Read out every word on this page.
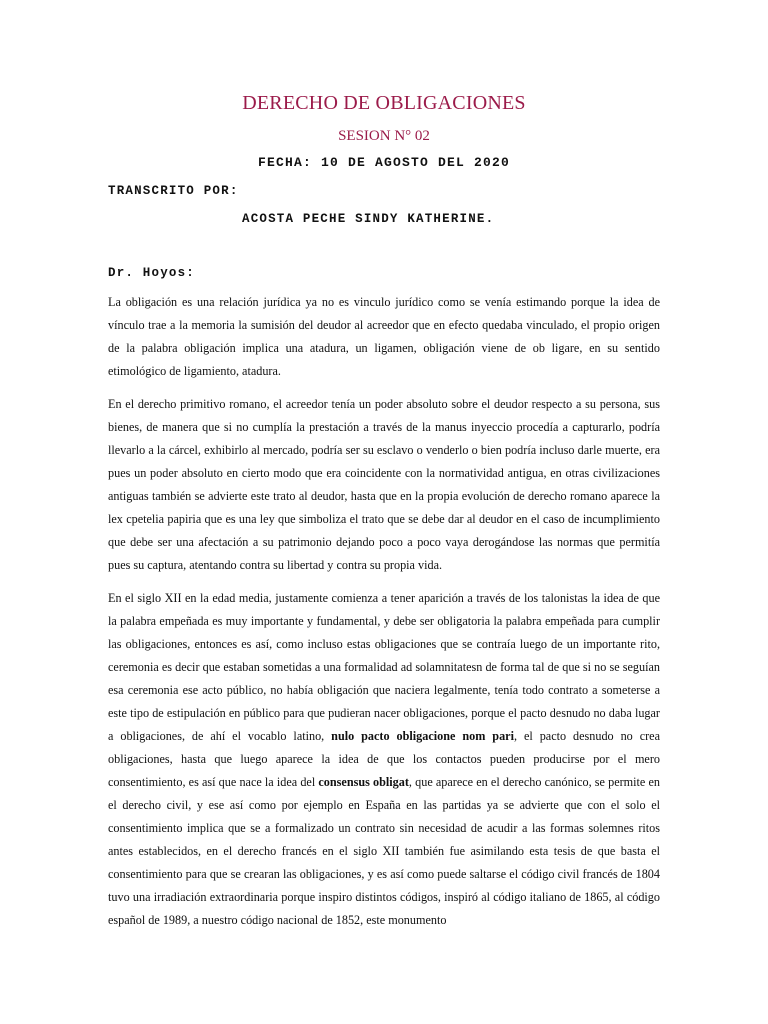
DERECHO DE OBLIGACIONES
SESION N° 02
FECHA: 10 DE AGOSTO DEL 2020
TRANSCRITO POR:
ACOSTA PECHE SINDY KATHERINE.
Dr. Hoyos:

La obligación es una relación jurídica ya no es vinculo jurídico como se venía estimando porque la idea de vínculo trae a la memoria la sumisión del deudor al acreedor que en efecto quedaba vinculado, el propio origen de la palabra obligación implica una atadura, un ligamen, obligación viene de ob ligare, en su sentido etimológico de ligamiento, atadura.

En el derecho primitivo romano, el acreedor tenía un poder absoluto sobre el deudor respecto a su persona, sus bienes, de manera que si no cumplía la prestación a través de la manus inyeccio procedía a capturarlo, podría llevarlo a la cárcel, exhibirlo al mercado, podría ser su esclavo o venderlo o bien podría incluso darle muerte, era pues un poder absoluto en cierto modo que era coincidente con la normatividad antigua, en otras civilizaciones antiguas también se advierte este trato al deudor, hasta que en la propia evolución de derecho romano aparece la lex cpetelia papiria que es una ley que simboliza el trato que se debe dar al deudor en el caso de incumplimiento que debe ser una afectación a su patrimonio dejando poco a poco vaya derogándose las normas que permitía pues su captura, atentando contra su libertad y contra su propia vida.

En el siglo XII en la edad media, justamente comienza a tener aparición a través de los talonistas la idea de que la palabra empeñada es muy importante y fundamental, y debe ser obligatoria la palabra empeñada para cumplir las obligaciones, entonces es así, como incluso estas obligaciones que se contraía luego de un importante rito, ceremonia es decir que estaban sometidas a una formalidad ad solamnitatesn de forma tal de que si no se seguían esa ceremonia ese acto público, no había obligación que naciera legalmente, tenía todo contrato a someterse a este tipo de estipulación en público para que pudieran nacer obligaciones, porque el pacto desnudo no daba lugar a obligaciones, de ahí el vocablo latino, nulo pacto obligacione nom pari, el pacto desnudo no crea obligaciones, hasta que luego aparece la idea de que los contactos pueden producirse por el mero consentimiento, es así que nace la idea del consensus obligat, que aparece en el derecho canónico, se permite en el derecho civil, y ese así como por ejemplo en España en las partidas ya se advierte que con el solo el consentimiento implica que se a formalizado un contrato sin necesidad de acudir a las formas solemnes ritos antes establecidos, en el derecho francés en el siglo XII también fue asimilando esta tesis de que basta el consentimiento para que se crearan las obligaciones, y es así como puede saltarse el código civil francés de 1804 tuvo una irradiación extraordinaria porque inspiro distintos códigos, inspiró al código italiano de 1865, al código español de 1989, a nuestro código nacional de 1852, este monumento
